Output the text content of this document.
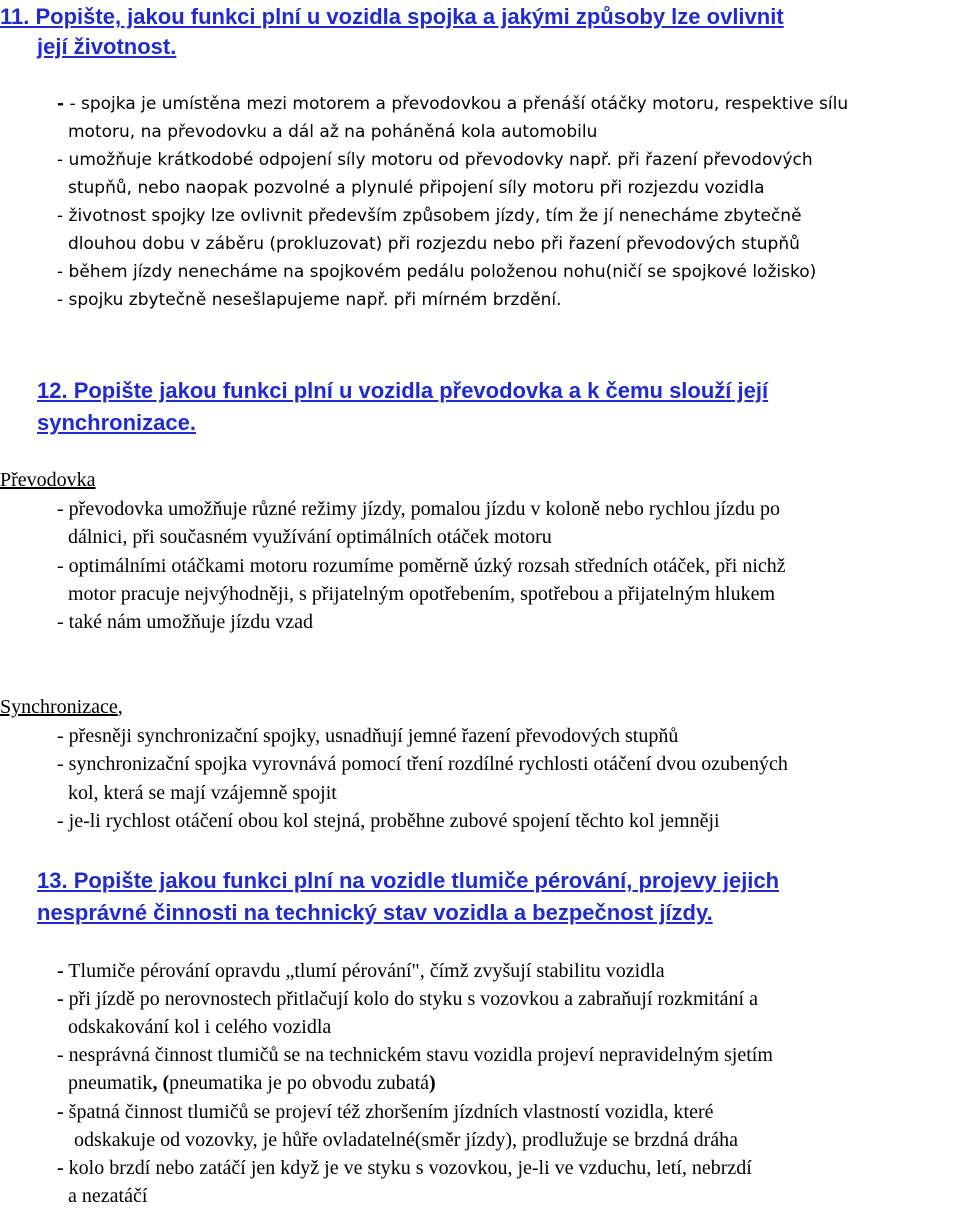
11. Popište, jakou funkci plní u vozidla spojka a jakými způsoby lze ovlivnit
její životnost.
- - spojka je umístěna mezi motorem a převodovkou a přenáší otáčky motoru, respektive sílu
motoru, na převodovku a dál až na poháněná kola automobilu
- umožňuje krátkodobé odpojení síly motoru od převodovky např. při řazení převodových
stupňů, nebo naopak pozvolné a plynulé připojení síly motoru při rozjezdu vozidla
- životnost spojky lze ovlivnit především způsobem jízdy, tím že jí nenecháme zbytečně
dlouhou dobu v záběru (prokluzovat) při rozjezdu nebo při řazení převodových stupňů
- během jízdy nenecháme na spojkovém pedálu položenou nohu(ničí se spojkové ložisko)
- spojku zbytečně nesešlapujeme např. při mírném brzdění.
12. Popište jakou funkci plní u vozidla převodovka a k čemu slouží její
synchronizace.
Převodovka
- převodovka umožňuje různé režimy jízdy, pomalou jízdu v koloně nebo rychlou jízdu po
dálnici, při současném využívání optimálních otáček motoru
- optimálními otáčkami motoru rozumíme poměrně úzký rozsah středních otáček, při nichž
motor pracuje nejvýhodněji, s přijatelným opotřebením, spotřebou a přijatelným hlukem
- také nám umožňuje jízdu vzad
Synchronizace,
- přesněji synchronizační spojky, usnadňují jemné řazení převodových stupňů
- synchronizační spojka vyrovnává pomocí tření rozdílné rychlosti otáčení dvou ozubených
kol, která se mají vzájemně spojit
- je-li rychlost otáčení obou kol stejná, proběhne zubové spojení těchto kol jemněji
13. Popište jakou funkci plní na vozidle tlumiče pérování, projevy jejich
nesprávné činnosti na technický stav vozidla a bezpečnost jízdy.
- Tlumiče pérování opravdu „tlumí pérování", čímž zvyšují stabilitu vozidla
- při jízdě po nerovnostech přitlačují kolo do styku s vozovkou a zabraňují rozkmitání a
odskakování kol i celého vozidla
- nesprávná činnost tlumičů se na technickém stavu vozidla projeví nepravidelným sjetím
pneumatik, (pneumatika je po obvodu zubatá)
- špatná činnost tlumičů se projeví též zhoršením jízdních vlastností vozidla, které
odskakuje od vozovky, je hůře ovladatelné(směr jízdy), prodlužuje se brzdná dráha
- kolo brzdí nebo zatáčí jen když je ve styku s vozovkou, je-li ve vzduchu, letí, nebrzdí
a nezatáčí
